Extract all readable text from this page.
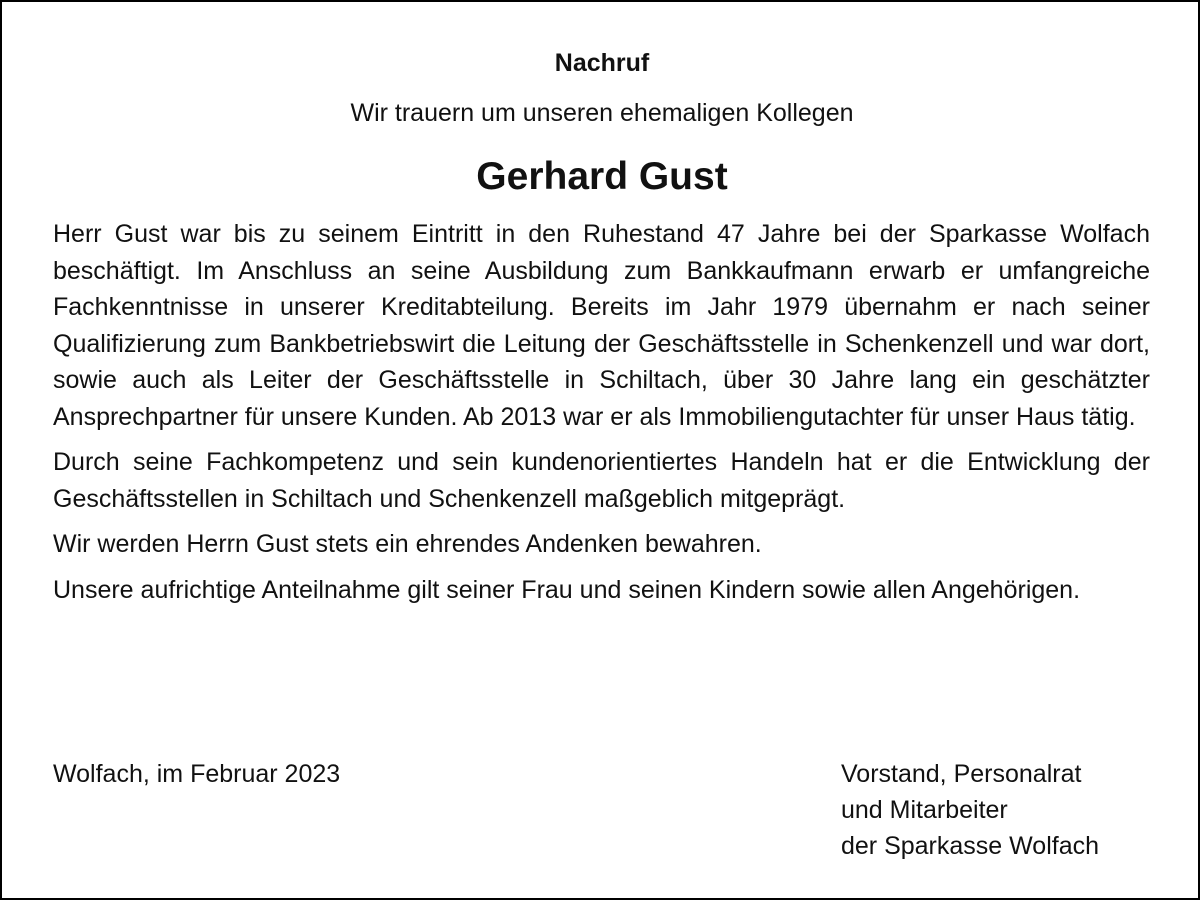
Nachruf
Wir trauern um unseren ehemaligen Kollegen
Gerhard Gust

Herr Gust war bis zu seinem Eintritt in den Ruhestand 47 Jahre bei der Sparkasse Wolfach beschäftigt. Im Anschluss an seine Ausbildung zum Bankkaufmann erwarb er umfangreiche Fachkenntnisse in unserer Kreditabteilung. Bereits im Jahr 1979 übernahm er nach seiner Qualifizierung zum Bankbetriebswirt die Leitung der Geschäftsstelle in Schenkenzell und war dort, sowie auch als Leiter der Geschäftsstelle in Schiltach, über 30 Jahre lang ein geschätzter Ansprechpartner für unsere Kunden. Ab 2013 war er als Immobiliengutachter für unser Haus tätig.

Durch seine Fachkompetenz und sein kundenorientiertes Handeln hat er die Entwicklung der Geschäftsstellen in Schiltach und Schenkenzell maßgeblich mitgeprägt.

Wir werden Herrn Gust stets ein ehrendes Andenken bewahren.

Unsere aufrichtige Anteilnahme gilt seiner Frau und seinen Kindern sowie allen Angehörigen.

Wolfach, im Februar 2023	Vorstand, Personalrat
und Mitarbeiter
der Sparkasse Wolfach
